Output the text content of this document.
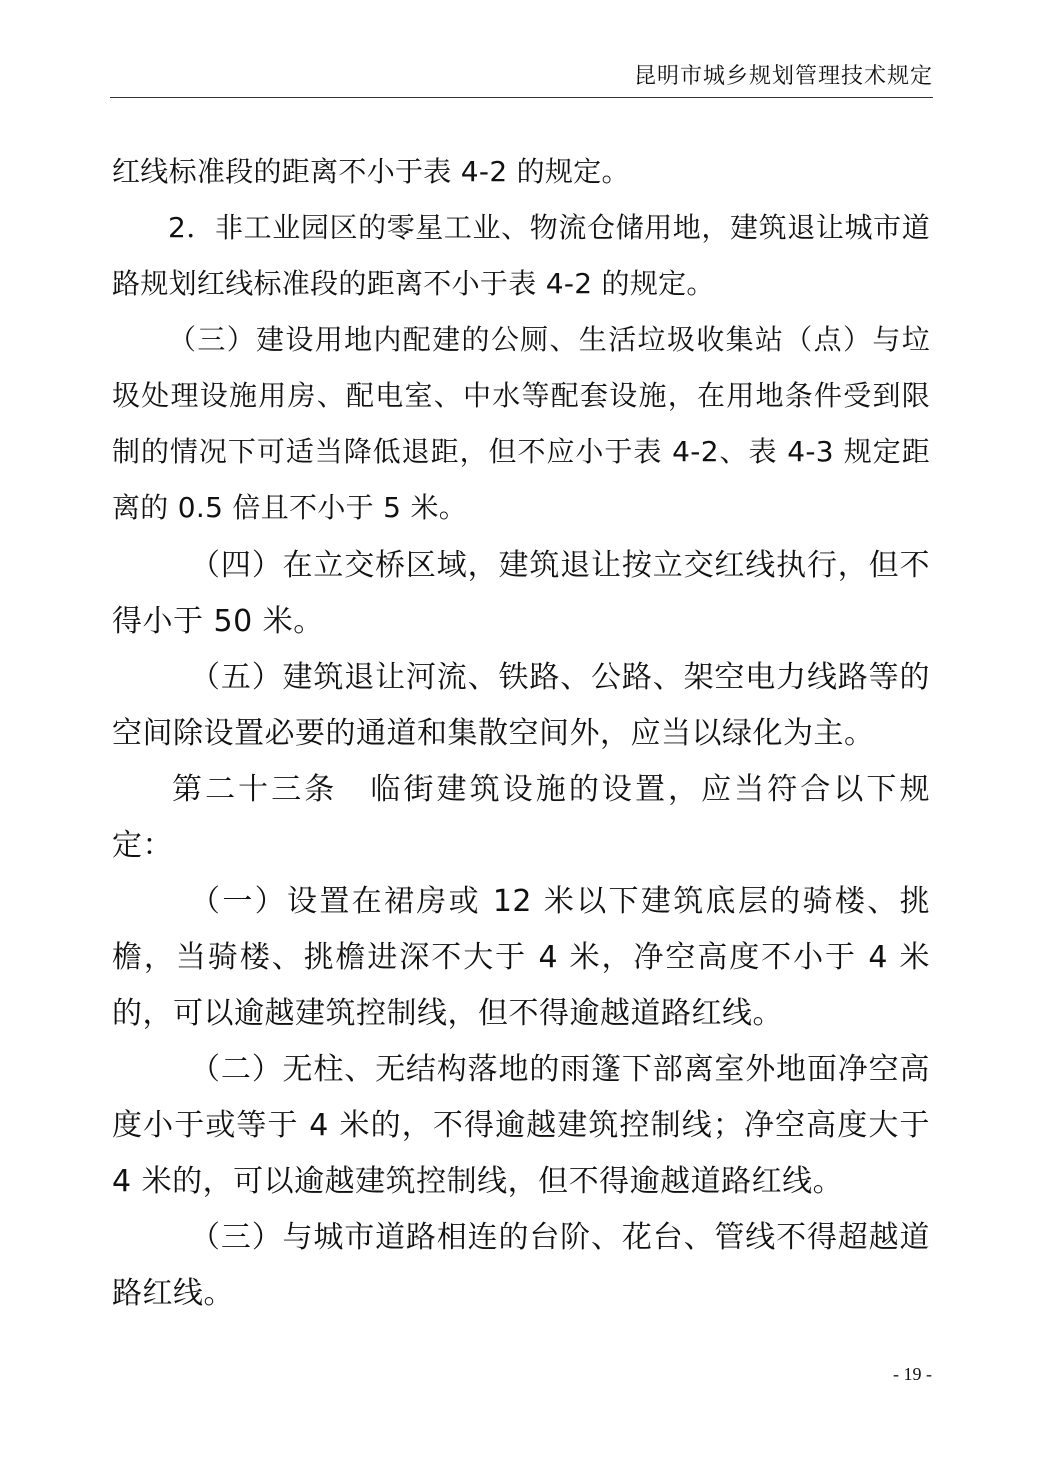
昆明市城乡规划管理技术规定

红线标准段的距离不小于表 4-2 的规定。

2．非工业园区的零星工业、物流仓储用地，建筑退让城市道路规划红线标准段的距离不小于表 4-2 的规定。

（三）建设用地内配建的公厕、生活垃圾收集站（点）与垃圾处理设施用房、配电室、中水等配套设施，在用地条件受到限制的情况下可适当降低退距，但不应小于表 4-2、表 4-3 规定距离的 0.5 倍且不小于 5 米。

（四）在立交桥区域，建筑退让按立交红线执行，但不得小于 50 米。

（五）建筑退让河流、铁路、公路、架空电力线路等的空间除设置必要的通道和集散空间外，应当以绿化为主。

第二十三条　临街建筑设施的设置，应当符合以下规定：

（一）设置在裙房或 12 米以下建筑底层的骑楼、挑檐，当骑楼、挑檐进深不大于 4 米，净空高度不小于 4 米的，可以逾越建筑控制线，但不得逾越道路红线。

（二）无柱、无结构落地的雨篷下部离室外地面净空高度小于或等于 4 米的，不得逾越建筑控制线；净空高度大于 4 米的，可以逾越建筑控制线，但不得逾越道路红线。

（三）与城市道路相连的台阶、花台、管线不得超越道路红线。

- 19 -
